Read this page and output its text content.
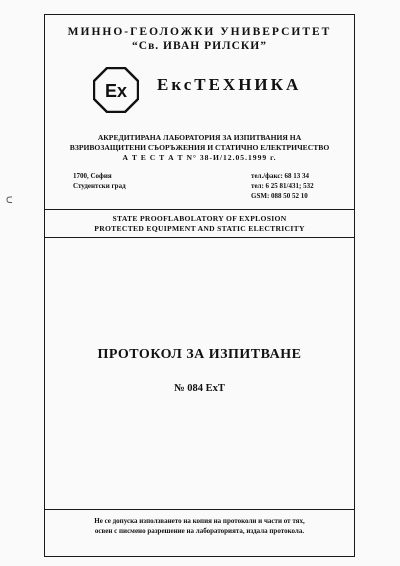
ᑕ
МИННО-ГЕОЛОЖКИ УНИВЕРСИТЕТ
“Св. ИВАН РИЛСКИ”
Ex ЕксТЕХНИКА
АКРЕДИТИРАНА ЛАБОРАТОРИЯ ЗА ИЗПИТВАНИЯ НА
ВЗРИВОЗАЩИТЕНИ СЪОРЪЖЕНИЯ И СТАТИЧНО ЕЛЕКТРИЧЕСТВО
А Т Е С Т А Т N° 38-И/12.05.1999 г.
1700, София
Студентски град
тел./факс: 68 13 34
тел: 6 25 81/431; 532
GSM: 088 50 52 10
STATE PROOFLABOLATORY OF EXPLOSION
PROTECTED EQUIPMENT AND STATIC ELECTRICITY
ПРОТОКОЛ ЗА ИЗПИТВАНЕ
№ 084 ExT
Не се допуска използването на копия на протоколи и части от тях,
освен с писмено разрешение на лабораторията, издала протокола.
